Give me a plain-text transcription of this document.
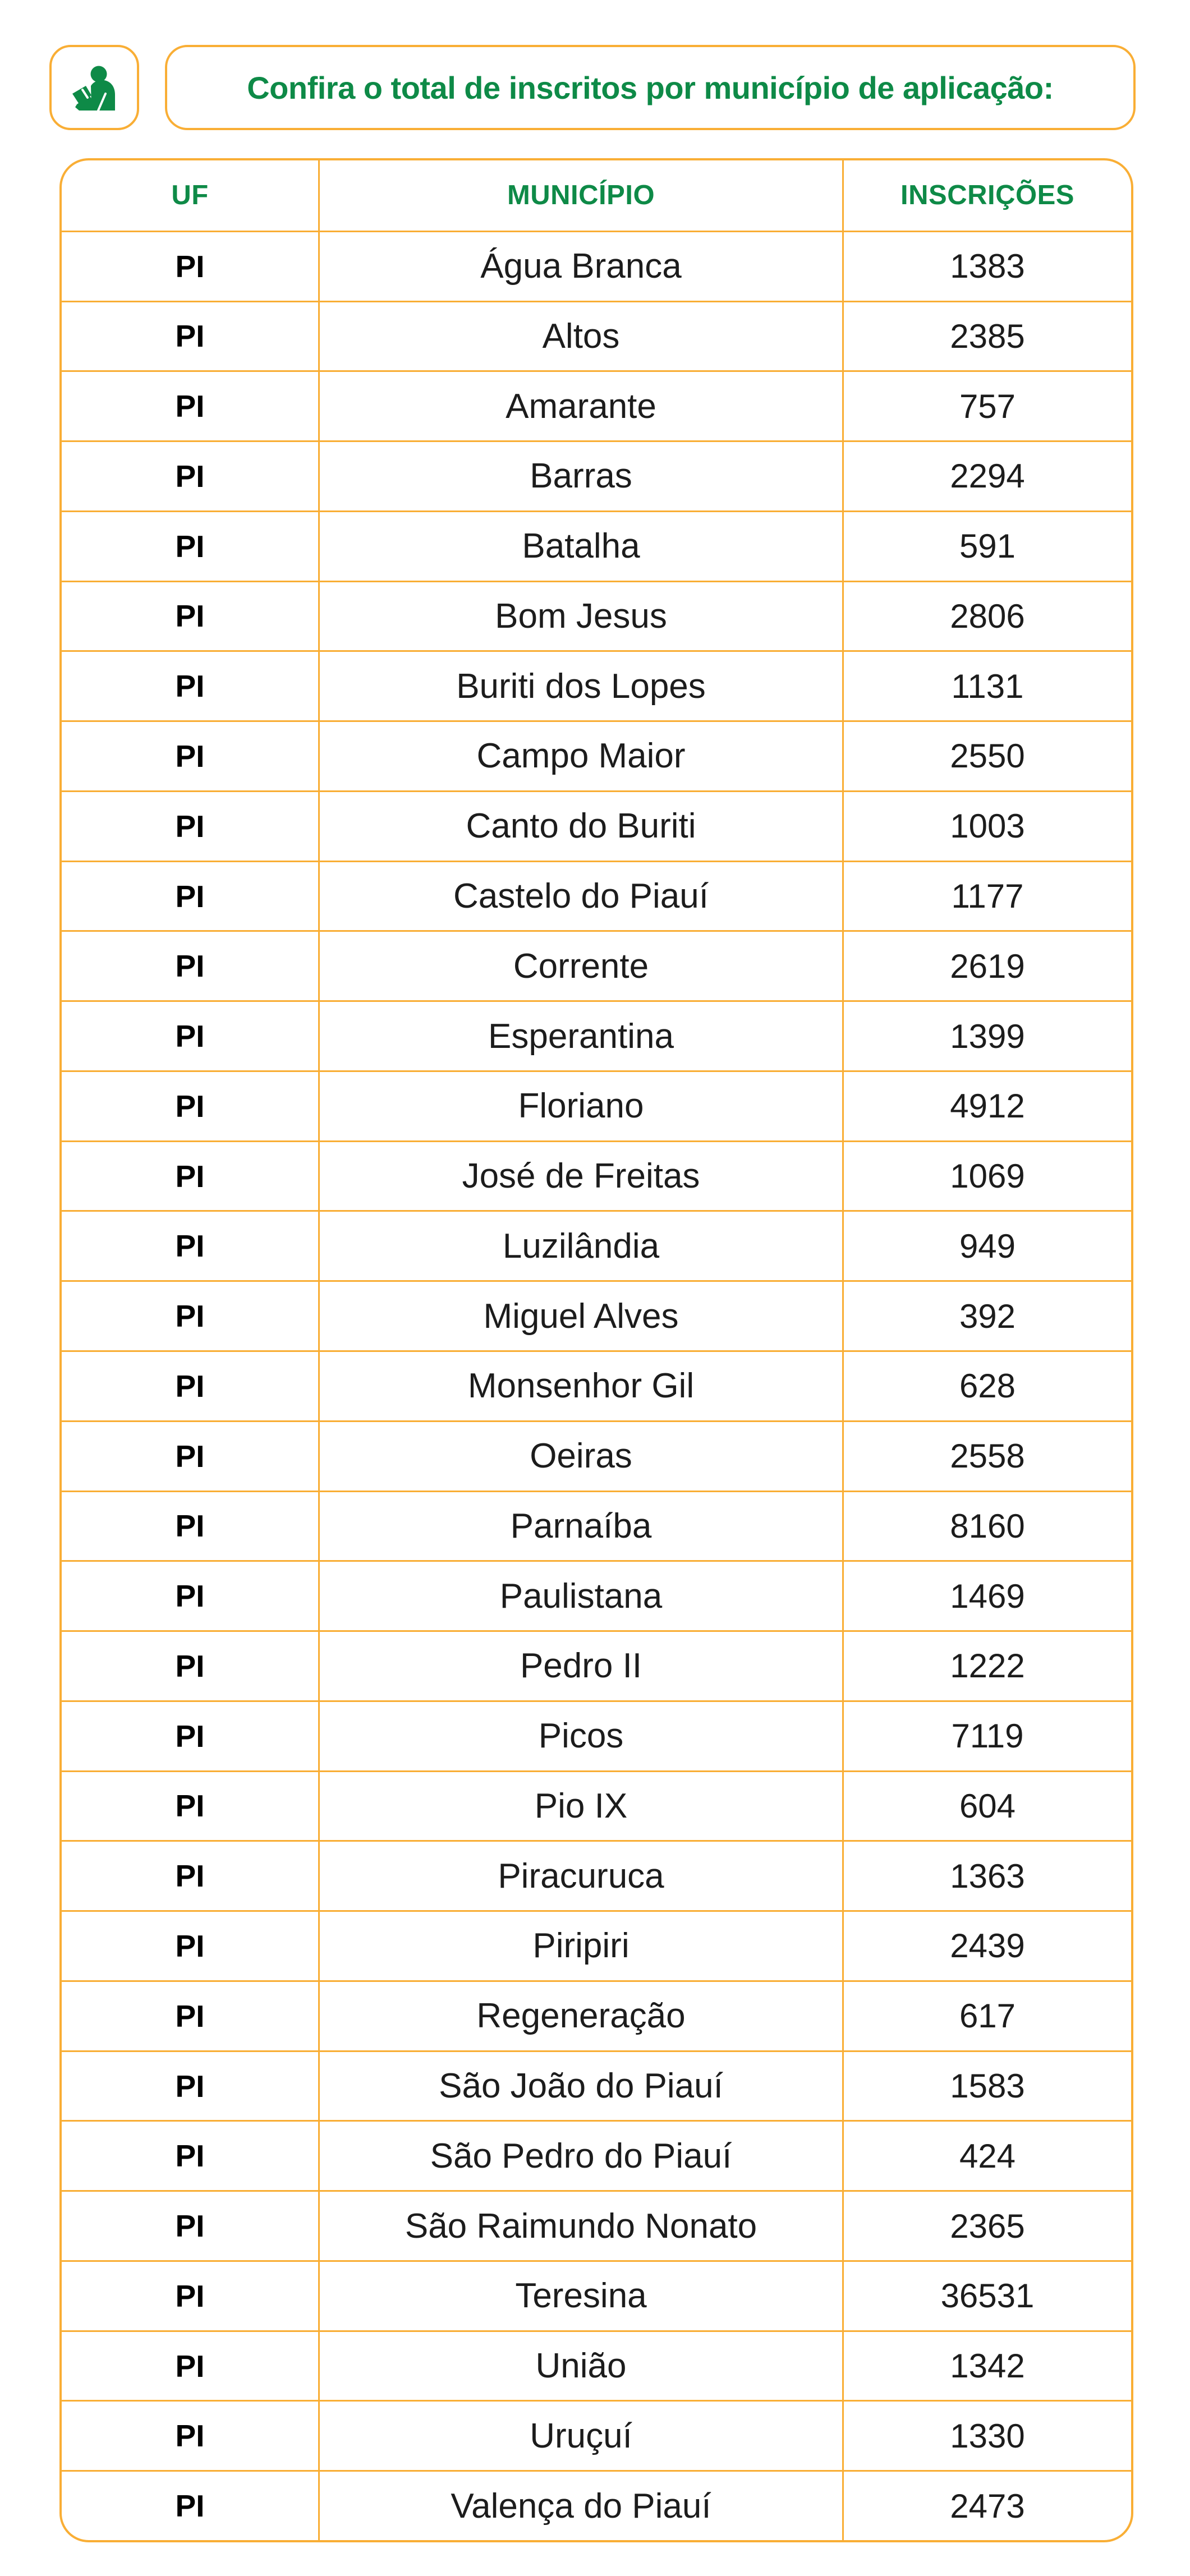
Confira o total de inscritos por município de aplicação:
UF	MUNICÍPIO	INSCRIÇÕES
PI	Água Branca	1383
PI	Altos	2385
PI	Amarante	757
PI	Barras	2294
PI	Batalha	591
PI	Bom Jesus	2806
PI	Buriti dos Lopes	1131
PI	Campo Maior	2550
PI	Canto do Buriti	1003
PI	Castelo do Piauí	1177
PI	Corrente	2619
PI	Esperantina	1399
PI	Floriano	4912
PI	José de Freitas	1069
PI	Luzilândia	949
PI	Miguel Alves	392
PI	Monsenhor Gil	628
PI	Oeiras	2558
PI	Parnaíba	8160
PI	Paulistana	1469
PI	Pedro II	1222
PI	Picos	7119
PI	Pio IX	604
PI	Piracuruca	1363
PI	Piripiri	2439
PI	Regeneração	617
PI	São João do Piauí	1583
PI	São Pedro do Piauí	424
PI	São Raimundo Nonato	2365
PI	Teresina	36531
PI	União	1342
PI	Uruçuí	1330
PI	Valença do Piauí	2473
